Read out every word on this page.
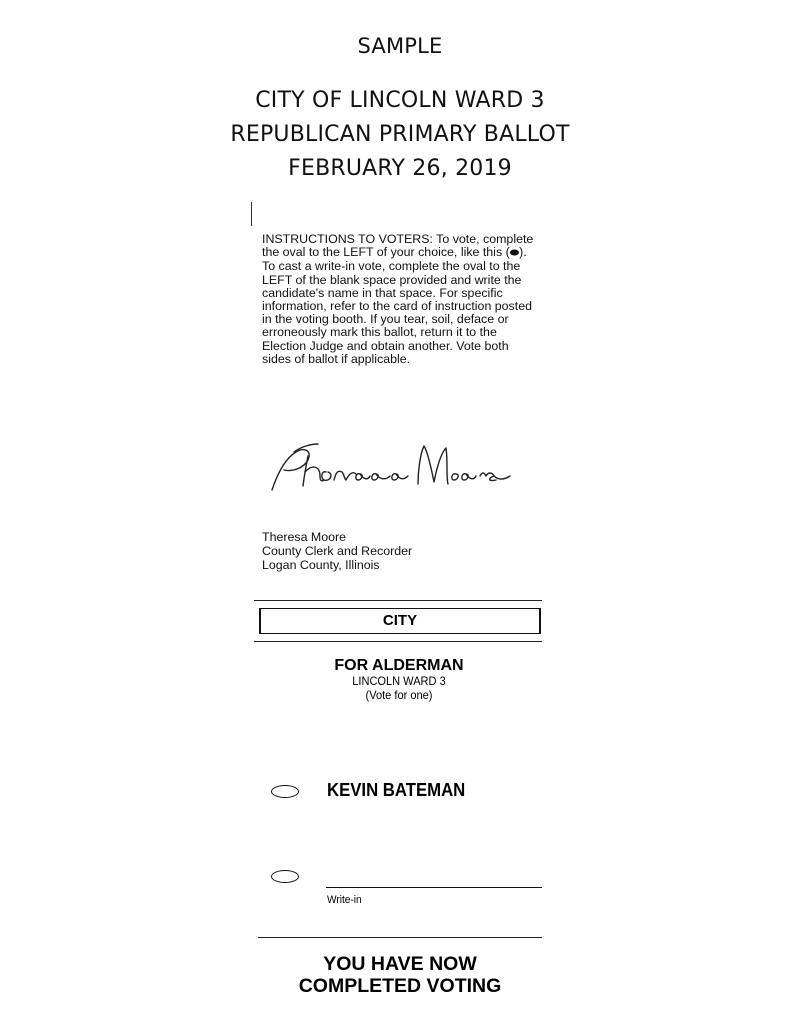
SAMPLE
CITY OF LINCOLN WARD 3
REPUBLICAN PRIMARY BALLOT
FEBRUARY 26, 2019
INSTRUCTIONS TO VOTERS: To vote, complete the oval to the LEFT of your choice, like this (⬬). To cast a write-in vote, complete the oval to the LEFT of the blank space provided and write the candidate's name in that space. For specific information, refer to the card of instruction posted in the voting booth. If you tear, soil, deface or erroneously mark this ballot, return it to the Election Judge and obtain another. Vote both sides of ballot if applicable.
Theresa Moore
County Clerk and Recorder
Logan County, Illinois
CITY
FOR ALDERMAN
LINCOLN WARD 3
(Vote for one)
KEVIN BATEMAN
Write-in
YOU HAVE NOW
COMPLETED VOTING
